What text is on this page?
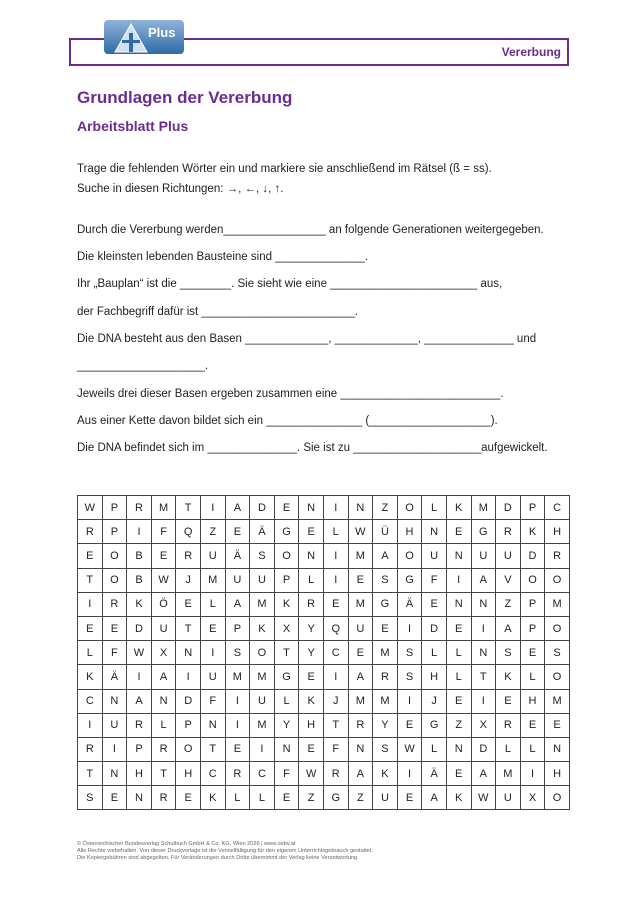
Vererbung
Plus
Grundlagen der Vererbung
Arbeitsblatt Plus
Trage die fehlenden Wörter ein und markiere sie anschließend im Rätsel (ß = ss).
Suche in diesen Richtungen: →, ←, ↓, ↑.
Durch die Vererbung werden________________ an folgende Generationen weitergegeben.
Die kleinsten lebenden Bausteine sind ______________.
Ihr „Bauplan“ ist die ________. Sie sieht wie eine _______________________ aus,
der Fachbegriff dafür ist ________________________.
Die DNA besteht aus den Basen _____________, _____________, ______________ und
____________________.
Jeweils drei dieser Basen ergeben zusammen eine _________________________.
Aus einer Kette davon bildet sich ein _______________ (___________________).
Die DNA befindet sich im ______________. Sie ist zu ____________________aufgewickelt.
W	P	R	M	T	I	A	D	E	N	I	N	Z	O	L	K	M	D	P	C
R	P	I	F	Q	Z	E	Ä	G	E	L	W	Ü	H	N	E	G	R	K	H
E	O	B	E	R	U	Ä	S	O	N	I	M	A	O	U	N	U	U	D	R
T	O	B	W	J	M	U	U	P	L	I	E	S	G	F	I	A	V	O	O
I	R	K	Ö	E	L	A	M	K	R	E	M	G	Ä	E	N	N	Z	P	M
E	E	D	U	T	E	P	K	X	Y	Q	U	E	I	D	E	I	A	P	O
L	F	W	X	N	I	S	O	T	Y	C	E	M	S	L	L	N	S	E	S
K	Ä	I	A	I	U	M	M	G	E	I	A	R	S	H	L	T	K	L	O
C	N	A	N	D	F	I	U	L	K	J	M	M	I	J	E	I	E	H	M
I	U	R	L	P	N	I	M	Y	H	T	R	Y	E	G	Z	X	R	E	E
R	I	P	R	O	T	E	I	N	E	F	N	S	W	L	N	D	L	L	N
T	N	H	T	H	C	R	C	F	W	R	A	K	I	Ä	E	A	M	I	H
S	E	N	R	E	K	L	L	E	Z	G	Z	U	E	A	K	W	U	X	O
© Österreichischer Bundesverlag Schulbuch GmbH & Co. KG, Wien 2026 | www.oebv.at
Alle Rechte vorbehalten. Von dieser Druckvorlage ist die Vervielfältigung für den eigenen Unterrichtsgebrauch gestattet.
Die Kopiergebühren sind abgegolten. Für Veränderungen durch Dritte übernimmt der Verlag keine Verantwortung.
